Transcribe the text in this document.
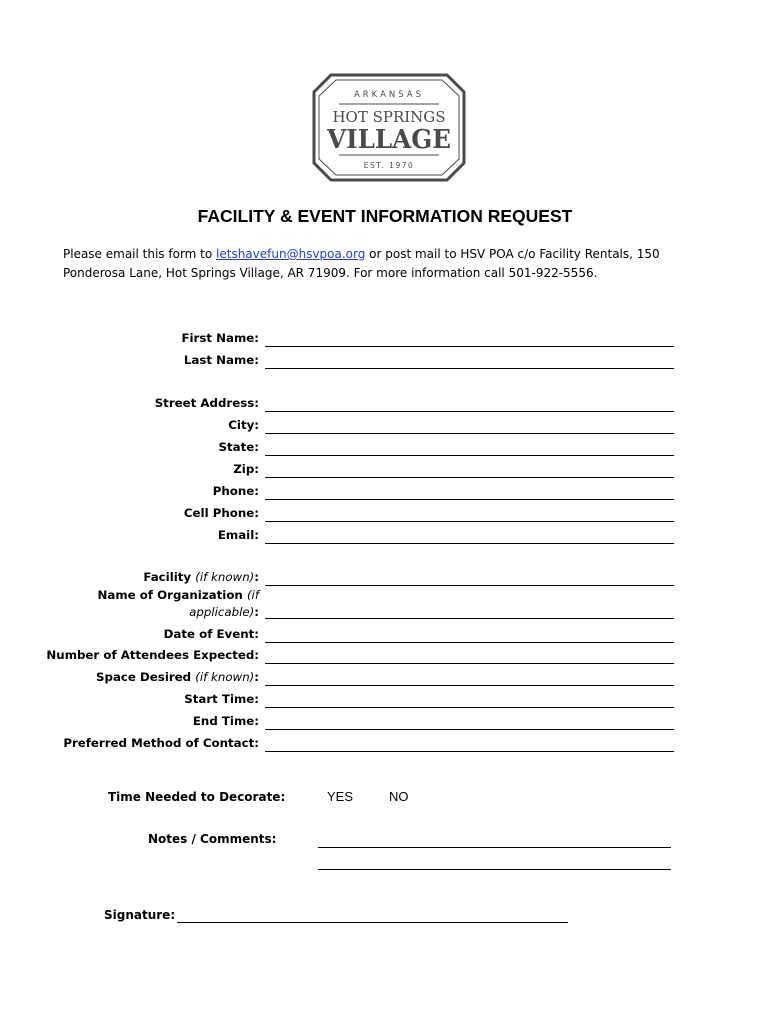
ARKANSAS
HOT SPRINGS
VILLAGE
EST. 1970
FACILITY & EVENT INFORMATION REQUEST
Please email this form to letshavefun@hsvpoa.org or post mail to HSV POA c/o Facility Rentals, 150 Ponderosa Lane, Hot Springs Village, AR 71909. For more information call 501-922-5556.
First Name:
Last Name:
Street Address:
City:
State:
Zip:
Phone:
Cell Phone:
Email:
Facility (if known):
Name of Organization (if
applicable):
Date of Event:
Number of Attendees Expected:
Space Desired (if known):
Start Time:
End Time:
Preferred Method of Contact:
Time Needed to Decorate:	YES	NO
Notes / Comments:
Signature:
